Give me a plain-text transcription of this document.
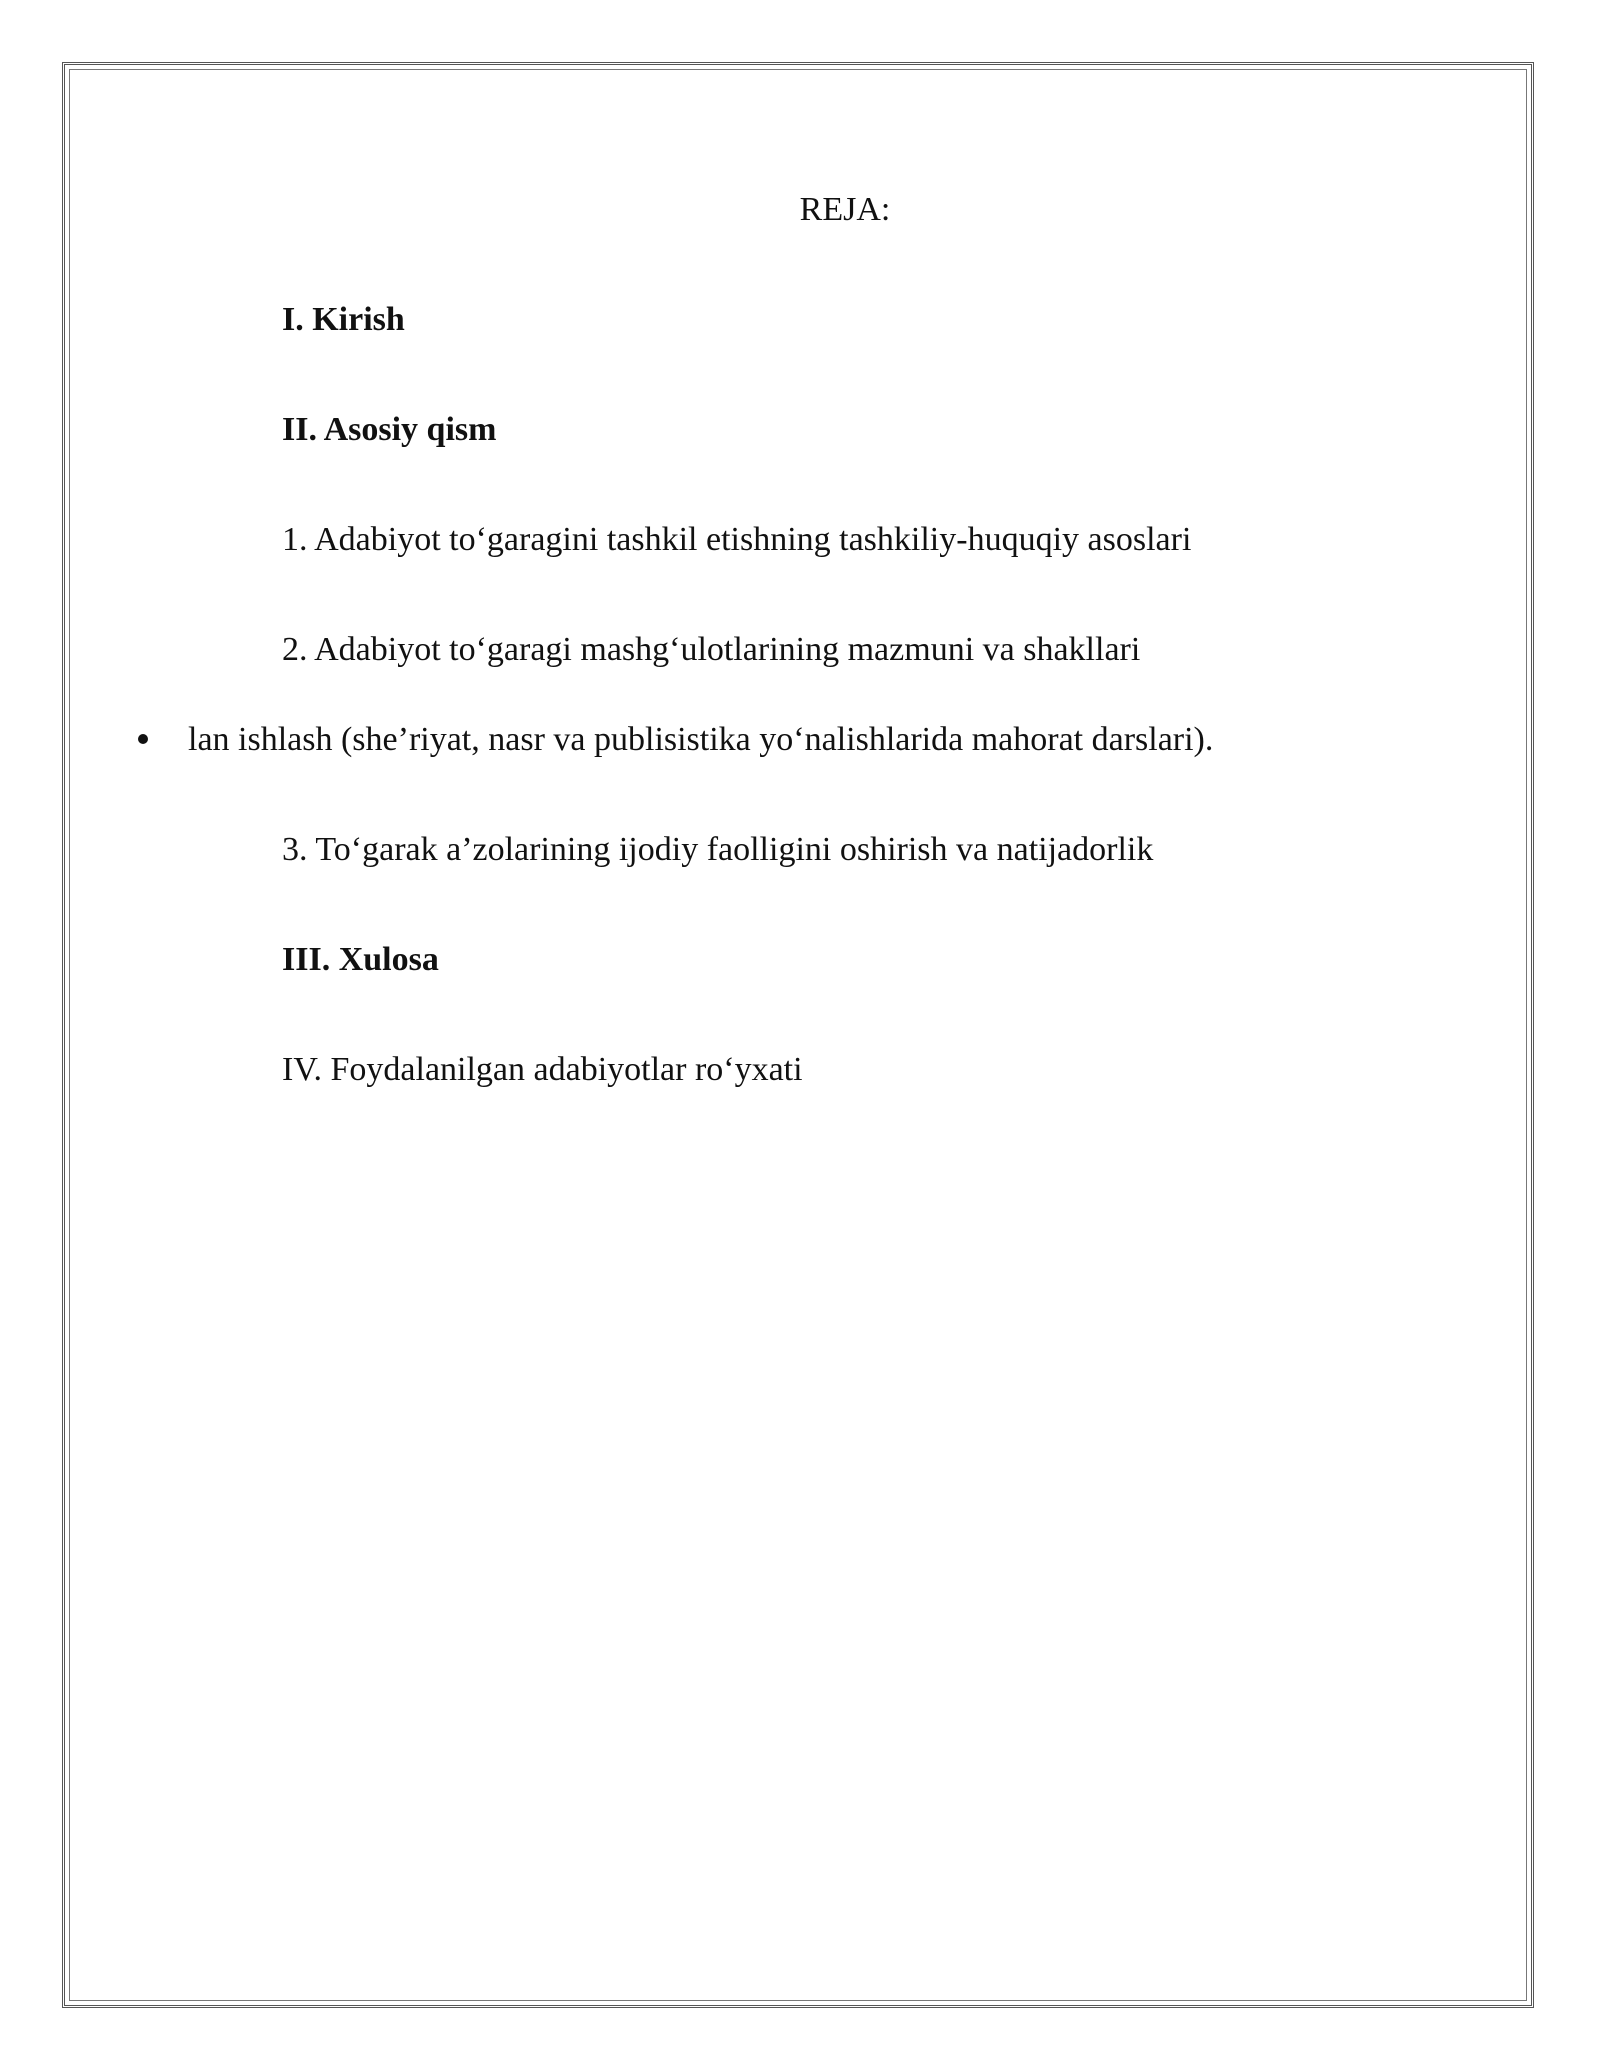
REJA:
I. Kirish
II. Asosiy qism
1. Adabiyot to‘garagini tashkil etishning tashkiliy-huquqiy asoslari
2. Adabiyot to‘garagi mashg‘ulotlarining mazmuni va shakllari
lan ishlash (she’riyat, nasr va publisistika yo‘nalishlarida mahorat darslari).
3. To‘garak a’zolarining ijodiy faolligini oshirish va natijadorlik
III. Xulosa
IV. Foydalanilgan adabiyotlar ro‘yxati
